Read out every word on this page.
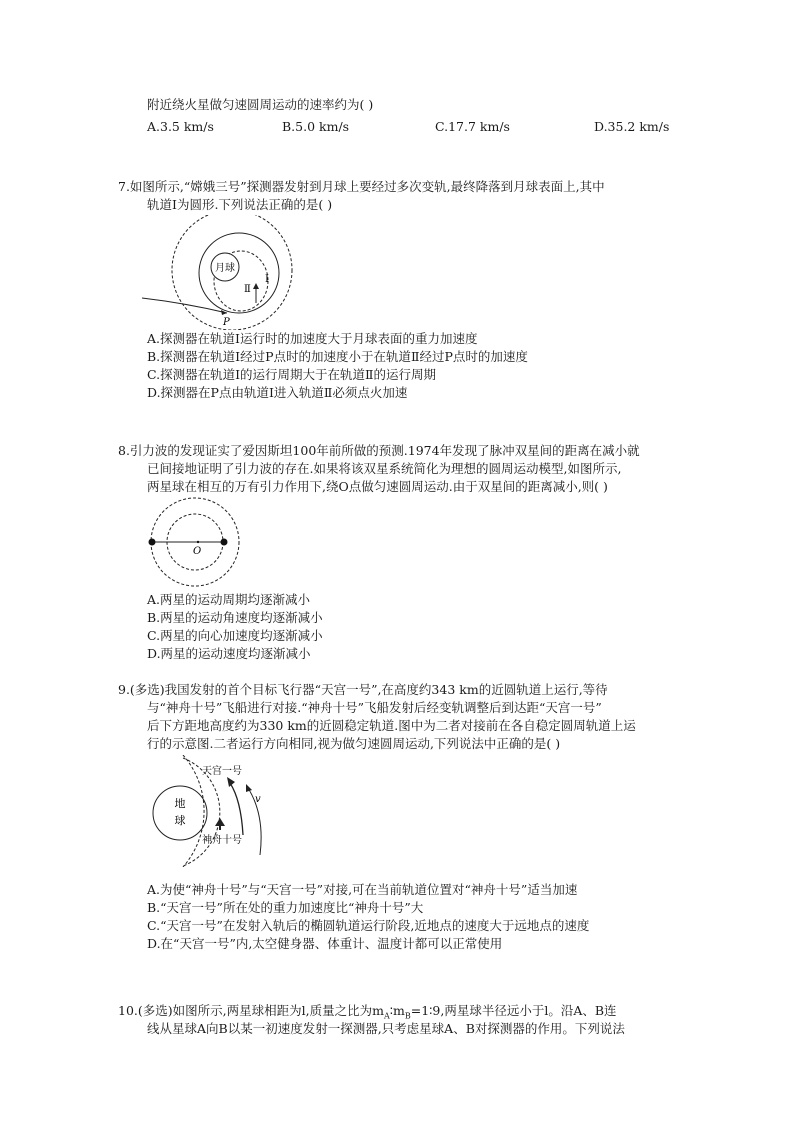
附近绕火星做匀速圆周运动的速率约为( )
A.3.5 km/s	B.5.0 km/s	C.17.7 km/s	D.35.2 km/s
7.如图所示,“嫦娥三号”探测器发射到月球上要经过多次变轨,最终降落到月球表面上,其中
轨道Ⅰ为圆形.下列说法正确的是( )
月球
P
Ⅰ
Ⅱ
A.探测器在轨道Ⅰ运行时的加速度大于月球表面的重力加速度
B.探测器在轨道Ⅰ经过P点时的加速度小于在轨道Ⅱ经过P点时的加速度
C.探测器在轨道Ⅰ的运行周期大于在轨道Ⅱ的运行周期
D.探测器在P点由轨道Ⅰ进入轨道Ⅱ必须点火加速
8.引力波的发现证实了爱因斯坦100年前所做的预测.1974年发现了脉冲双星间的距离在减小就
已间接地证明了引力波的存在.如果将该双星系统简化为理想的圆周运动模型,如图所示,
两星球在相互的万有引力作用下,绕O点做匀速圆周运动.由于双星间的距离减小,则( )
O
A.两星的运动周期均逐渐减小
B.两星的运动角速度均逐渐减小
C.两星的向心加速度均逐渐减小
D.两星的运动速度均逐渐减小
9.(多选)我国发射的首个目标飞行器“天宫一号”,在高度约343 km的近圆轨道上运行,等待
与“神舟十号”飞船进行对接.“神舟十号”飞船发射后经变轨调整后到达距“天宫一号”
后下方距地高度约为330 km的近圆稳定轨道.图中为二者对接前在各自稳定圆周轨道上运
行的示意图.二者运行方向相同,视为做匀速圆周运动,下列说法中正确的是( )
地
球
天宫一号
神舟十号
v
A.为使“神舟十号”与“天宫一号”对接,可在当前轨道位置对“神舟十号”适当加速
B.“天宫一号”所在处的重力加速度比“神舟十号”大
C.“天宫一号”在发射入轨后的椭圆轨道运行阶段,近地点的速度大于远地点的速度
D.在“天宫一号”内,太空健身器、体重计、温度计都可以正常使用
10.(多选)如图所示,两星球相距为l,质量之比为$m_A∶m_B=1∶9$,两星球半径远小于l。沿A、B连
线从星球A向B以某一初速度发射一探测器,只考虑星球A、B对探测器的作用。下列说法
